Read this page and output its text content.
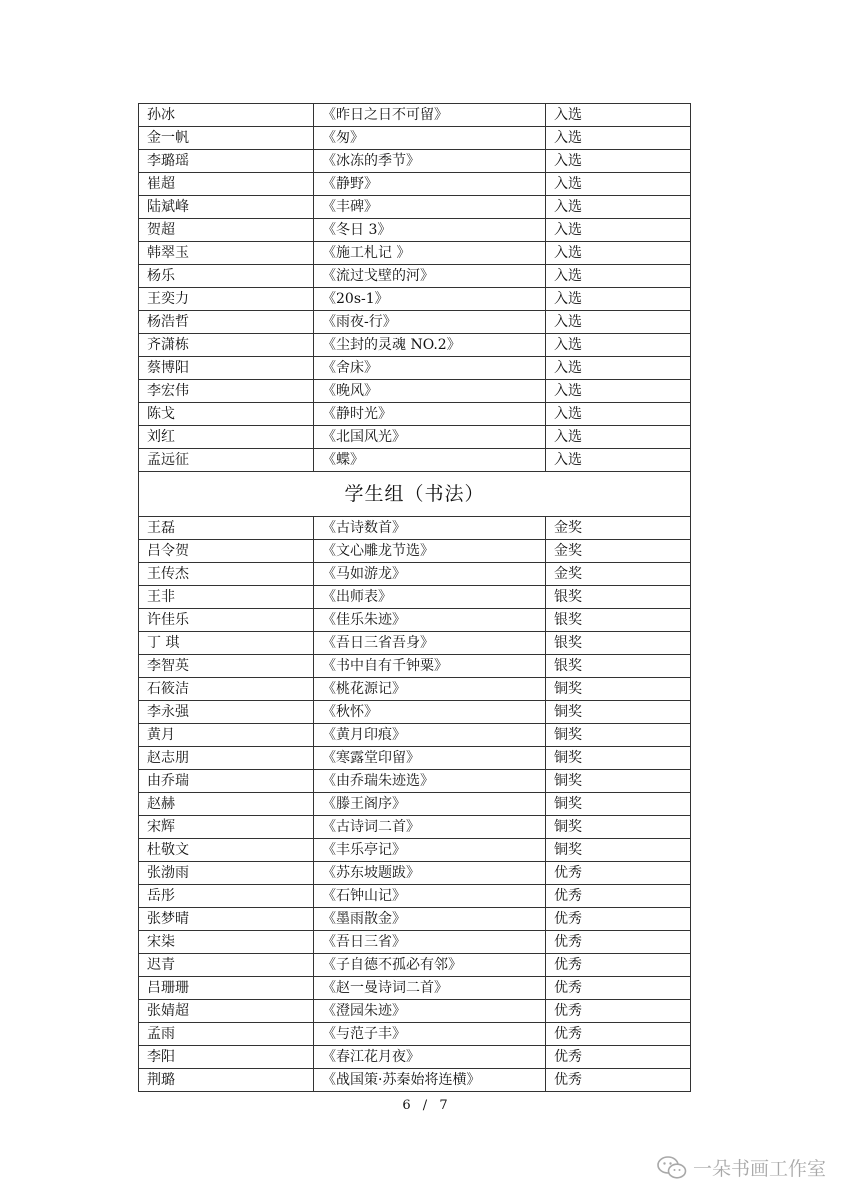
孙冰	《昨日之日不可留》	入选
金一帆	《匆》	入选
李璐瑶	《冰冻的季节》	入选
崔超	《静野》	入选
陆斌峰	《丰碑》	入选
贺超	《冬日 3》	入选
韩翠玉	《施工札记 》	入选
杨乐	《流过戈壁的河》	入选
王奕力	《20s-1》	入选
杨浩哲	《雨夜-行》	入选
齐潇栋	《尘封的灵魂 NO.2》	入选
蔡博阳	《舍床》	入选
李宏伟	《晚风》	入选
陈戈	《静时光》	入选
刘红	《北国风光》	入选
孟远征	《蝶》	入选
学生组（书法）		
王磊	《古诗数首》	金奖
吕令贺	《文心雕龙节选》	金奖
王传杰	《马如游龙》	金奖
王非	《出师表》	银奖
许佳乐	《佳乐朱迹》	银奖
丁 琪	《吾日三省吾身》	银奖
李智英	《书中自有千钟粟》	银奖
石筱洁	《桃花源记》	铜奖
李永强	《秋怀》	铜奖
黄月	《黄月印痕》	铜奖
赵志朋	《寒露堂印留》	铜奖
由乔瑞	《由乔瑞朱迹选》	铜奖
赵赫	《滕王阁序》	铜奖
宋辉	《古诗词二首》	铜奖
杜敬文	《丰乐亭记》	铜奖
张渤雨	《苏东坡题跋》	优秀
岳彤	《石钟山记》	优秀
张梦晴	《墨雨散金》	优秀
宋柒	《吾日三省》	优秀
迟青	《子自德不孤必有邻》	优秀
吕珊珊	《赵一曼诗词二首》	优秀
张婧超	《澄园朱迹》	优秀
孟雨	《与范子丰》	优秀
李阳	《春江花月夜》	优秀
荆璐	《战国策·苏秦始将连横》	优秀
6 / 7
一朵书画工作室
